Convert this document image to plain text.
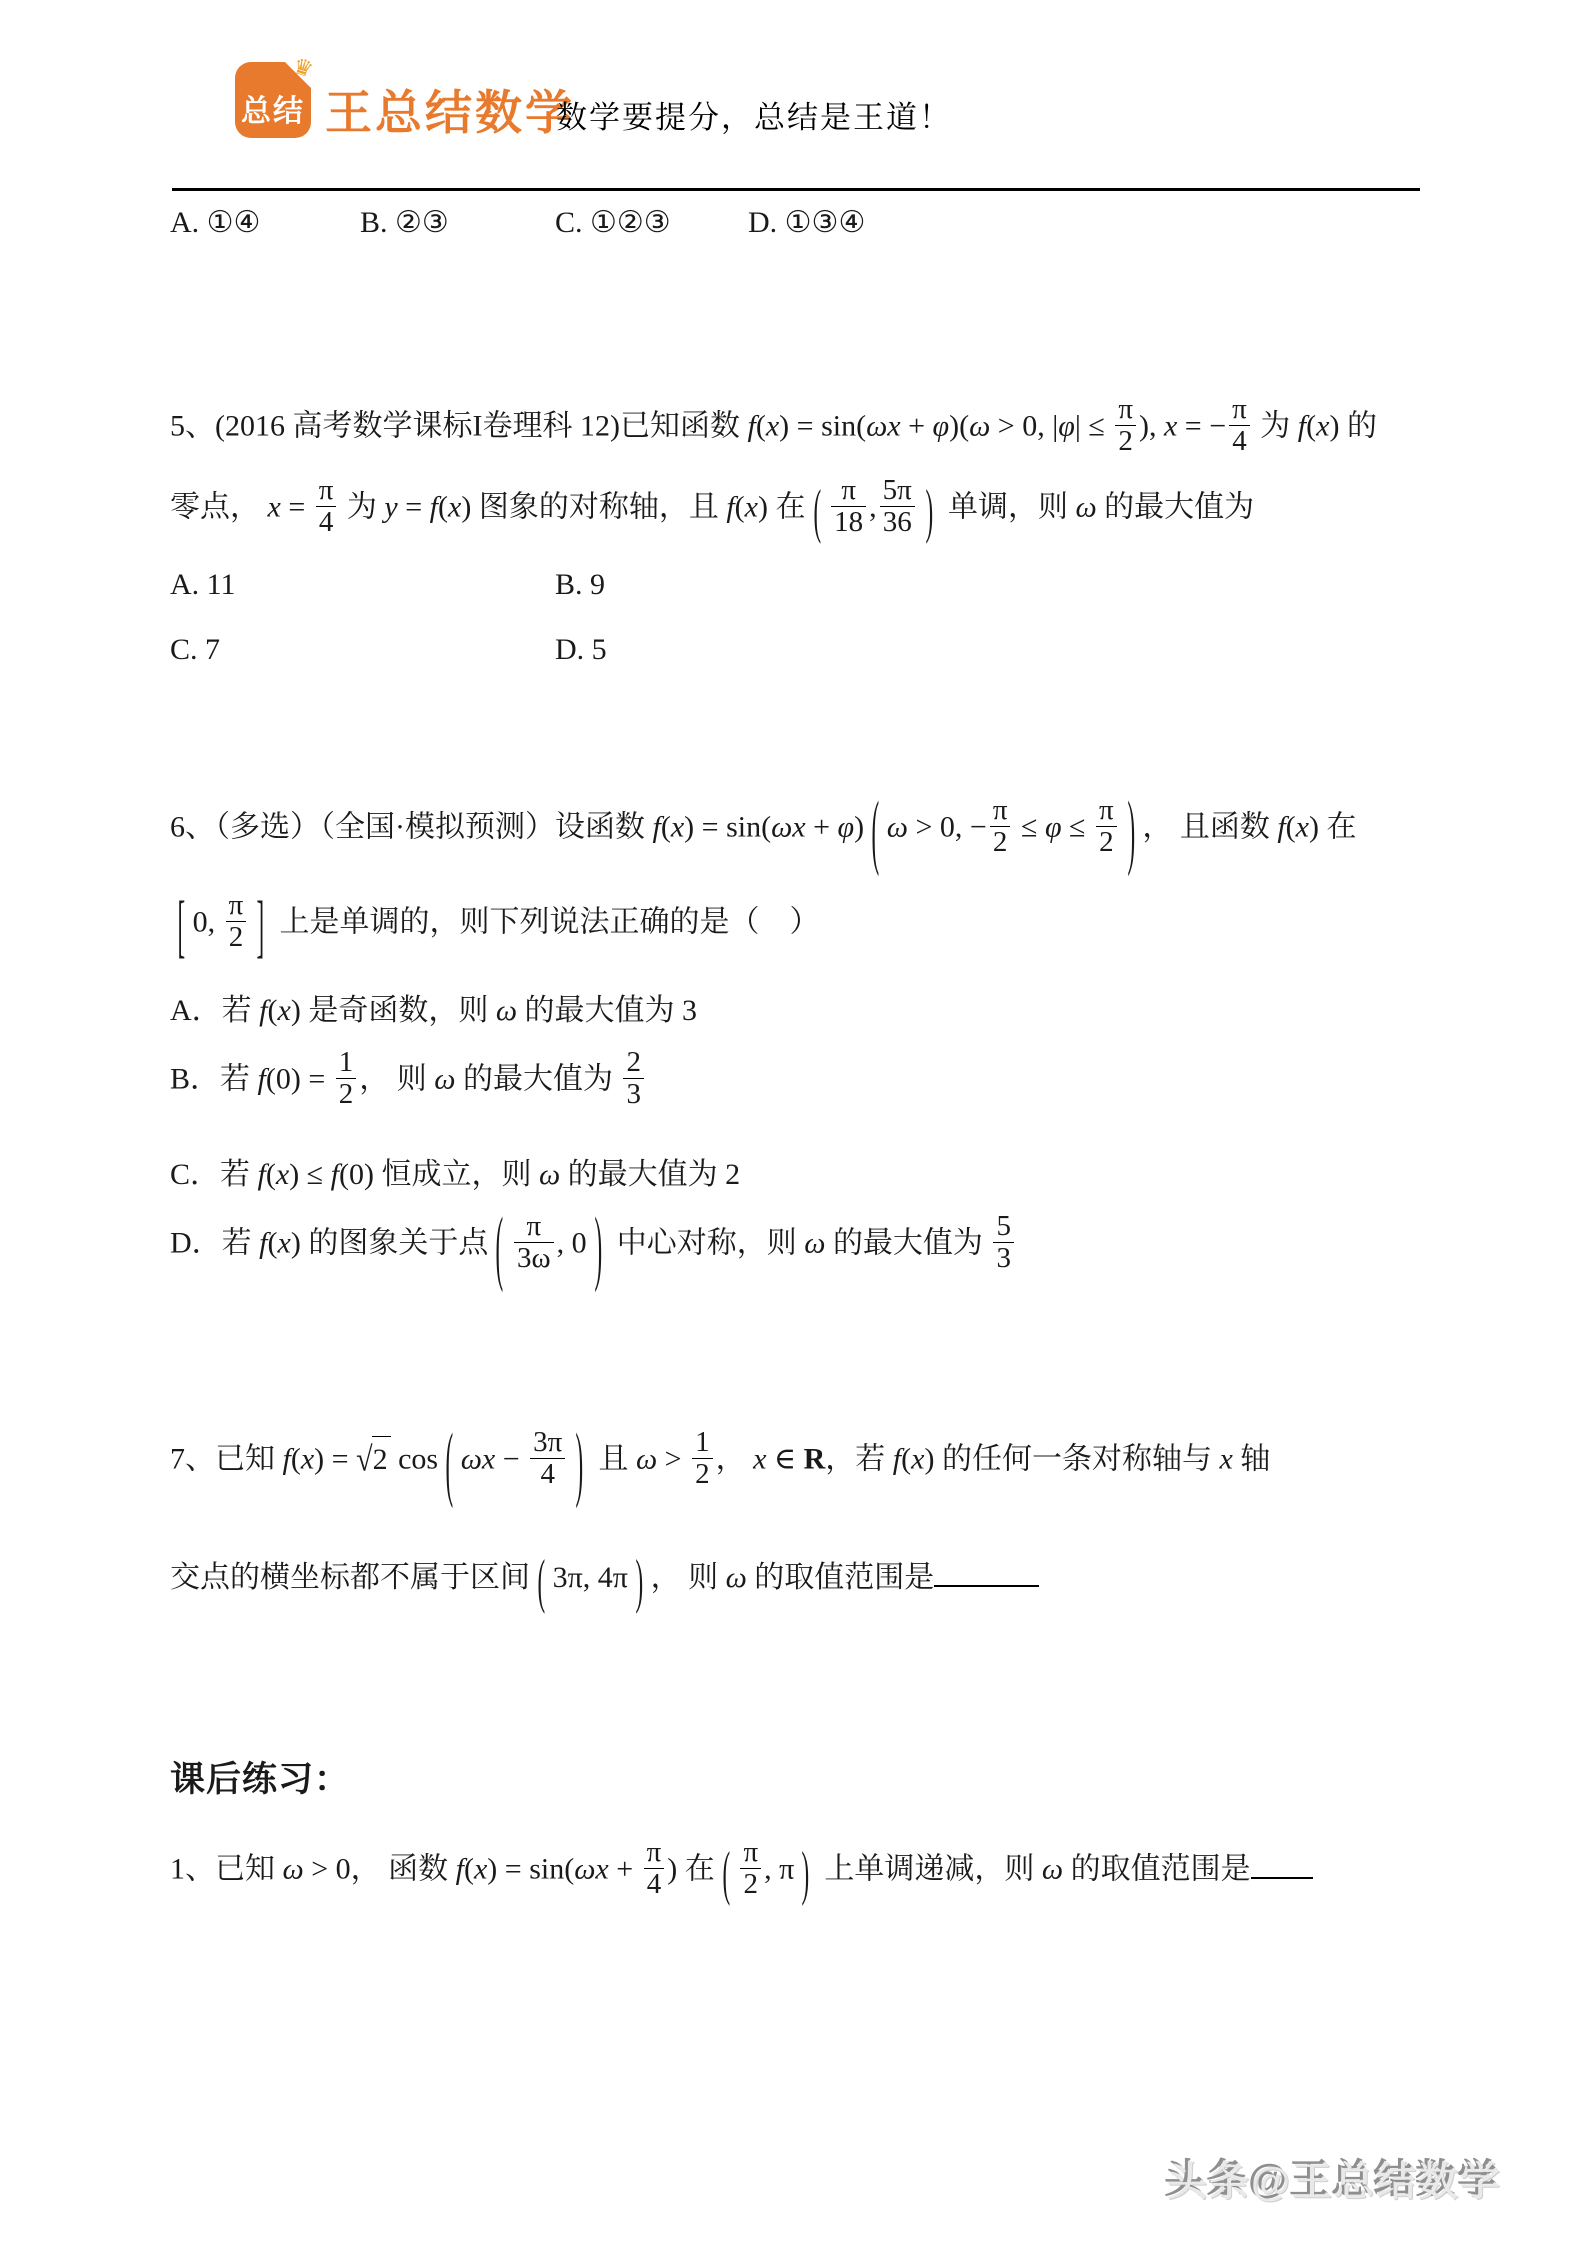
♛
总结 王总结数学
数学要提分，总结是王道！
A. ①④	B. ②③	C. ①②③	D. ①③④
5、(2016 高考数学课标I卷理科 12)已知函数 f(x) = sin(ωx + φ)(ω > 0, $|\varphi| \le \frac{\pi}{2}$ ), x = − $\frac{\pi}{4}$ 为 f(x) 的
零点， $x = \frac{\pi}{4}$ 为 y = f(x) 图象的对称轴，且 f(x) 在 ( $\frac{\pi}{18}$ , $\frac{5\pi}{36}$ ) 单调，则 ω 的最大值为
A. 11	B. 9
C. 7	D. 5
6、（多选）（全国·模拟预测）设函数 f(x) = sin(ωx + φ) ( ω > 0, − $\frac{\pi}{2} \le \varphi \le \frac{\pi}{2}$ ) ， 且函数 f(x) 在
[ 0, $\frac{\pi}{2}$ ] 上是单调的，则下列说法正确的是（　）
A．若 f(x) 是奇函数，则 ω 的最大值为 3
B．若 $f(0) = \frac{1}{2}$ ， 则 ω 的最大值为 $\frac{2}{3}$
C．若 f(x) ≤ f(0) 恒成立，则 ω 的最大值为 2
D．若 f(x) 的图象关于点 ( $\frac{\pi}{3\omega}$ , 0 ) 中心对称，则 ω 的最大值为 $\frac{5}{3}$
7、已知 f(x) = √2 cos ( $\omega x - \frac{3\pi}{4}$ ) 且 $\omega > \frac{1}{2}$ ， x ∈ R，若 f(x) 的任何一条对称轴与 x 轴
交点的横坐标都不属于区间 ( 3π, 4π ) ， 则 ω 的取值范围是
课后练习：
1、已知 ω > 0， 函数 $f(x) = \sin(\omega x + \frac{\pi}{4}$ ) 在 ( $\frac{\pi}{2}$ , π ) 上单调递减，则 ω 的取值范围是
头条@王总结数学
